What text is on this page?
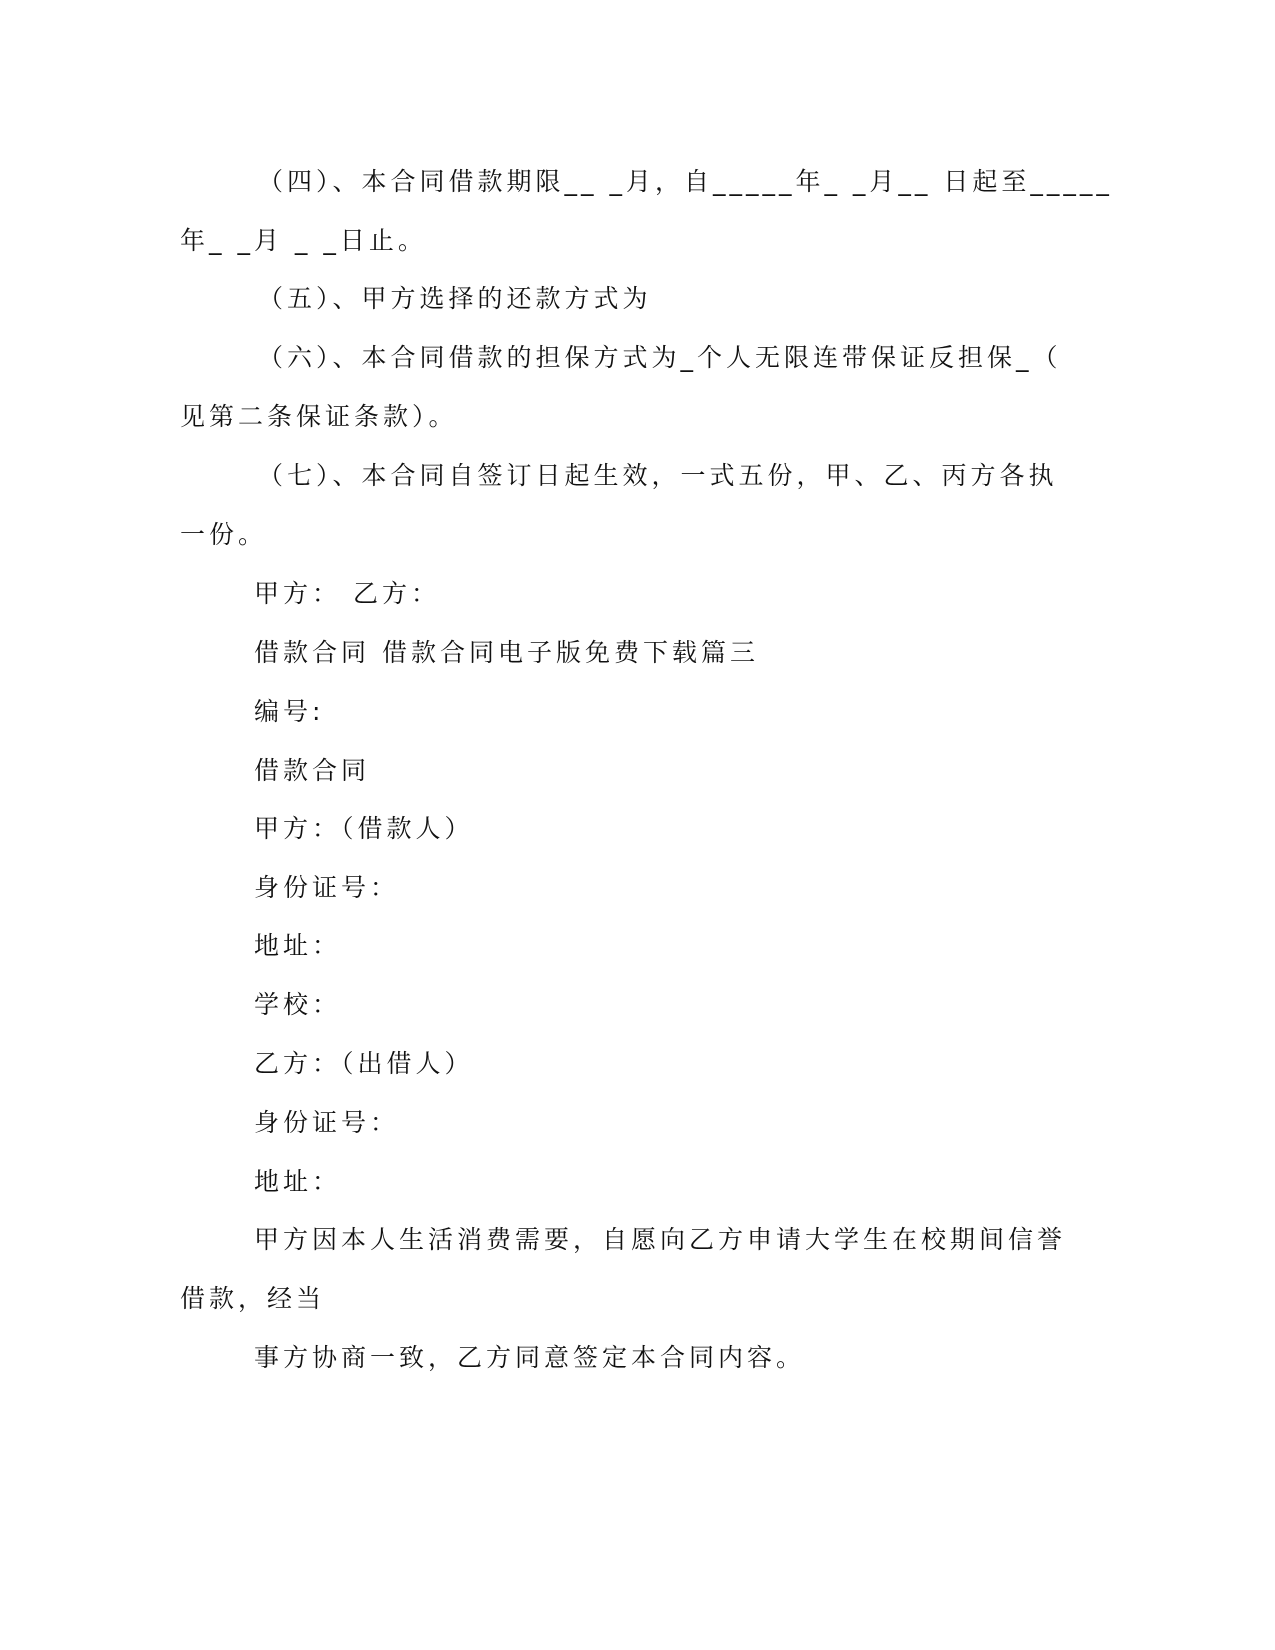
（四）、本合同借款期限__ _月，自_____年_ _月__ 日起至_____
年_ _月 _ _日止。
（五）、甲方选择的还款方式为
（六）、本合同借款的担保方式为_个人无限连带保证反担保_（
见第二条保证条款）。
（七）、本合同自签订日起生效，一式五份，甲、乙、丙方各执
一份。
甲方： 乙方：
借款合同 借款合同电子版免费下载篇三
编号:
借款合同
甲方：（借款人）
身份证号：
地址：
学校：
乙方：（出借人）
身份证号：
地址：
甲方因本人生活消费需要，自愿向乙方申请大学生在校期间信誉
借款，经当
事方协商一致，乙方同意签定本合同内容。
